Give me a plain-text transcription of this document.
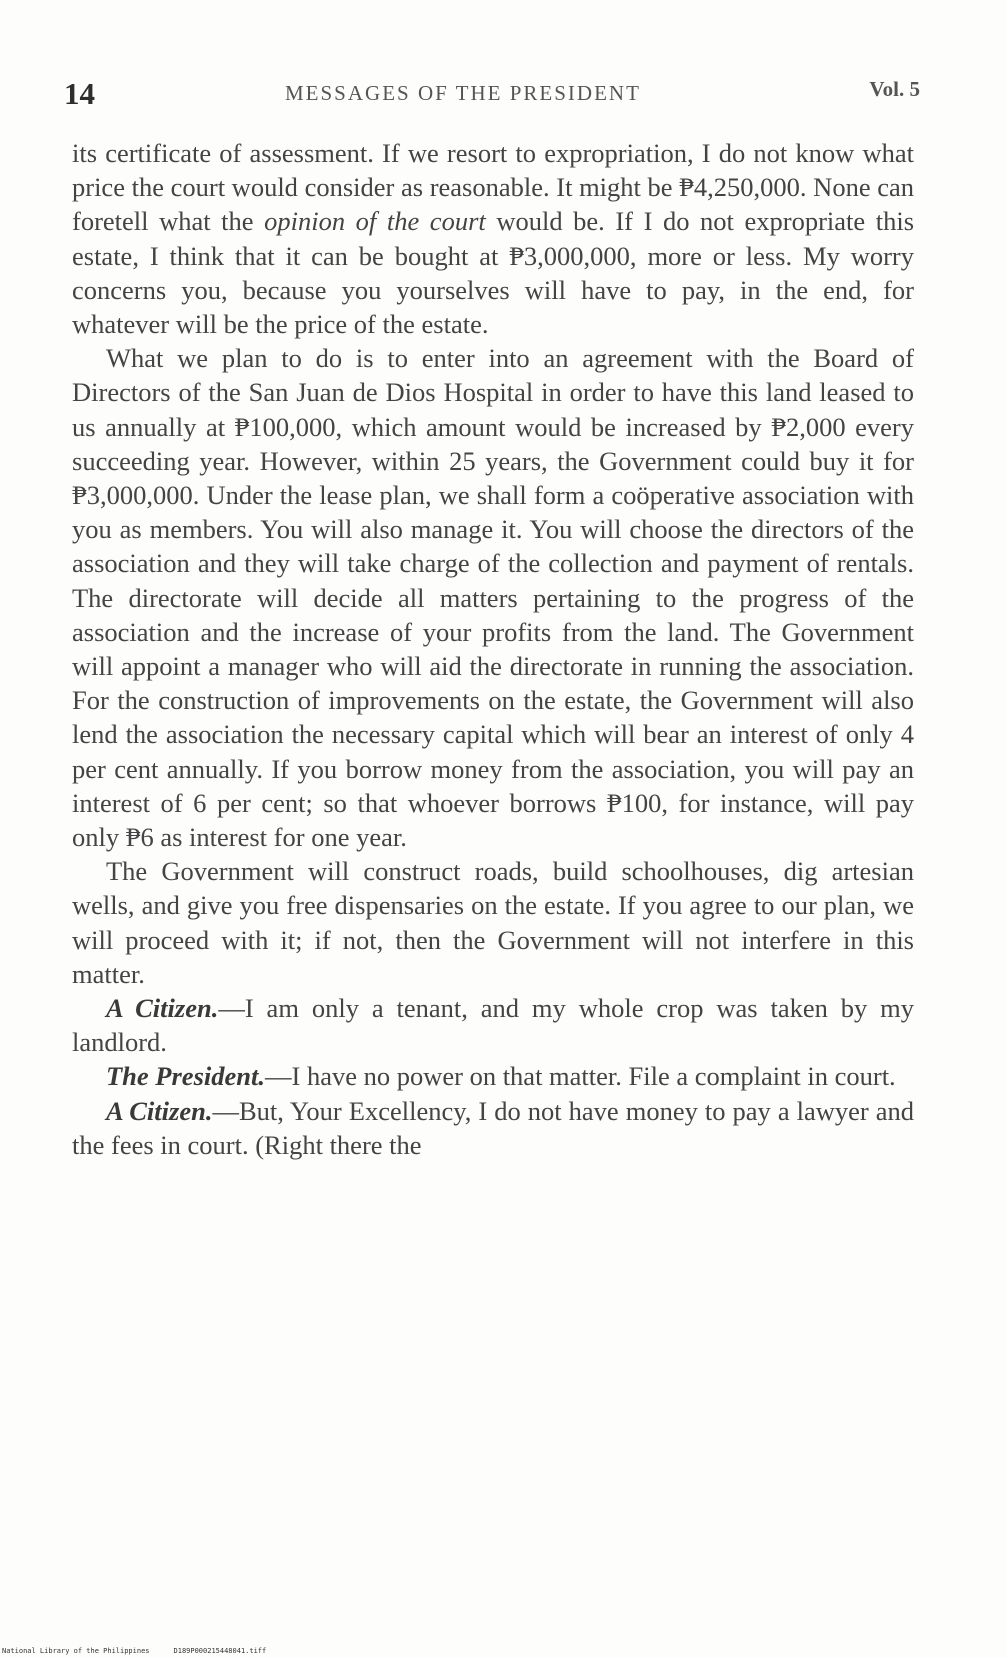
14	MESSAGES OF THE PRESIDENT	Vol. 5

its certificate of assessment. If we resort to expropriation, I do not know what price the court would consider as reasonable. It might be ₱4,250,000. None can foretell what the opinion of the court would be. If I do not expropriate this estate, I think that it can be bought at ₱3,000,000, more or less. My worry concerns you, because you yourselves will have to pay, in the end, for whatever will be the price of the estate.

What we plan to do is to enter into an agreement with the Board of Directors of the San Juan de Dios Hospital in order to have this land leased to us annually at ₱100,000, which amount would be increased by ₱2,000 every succeeding year. However, within 25 years, the Government could buy it for ₱3,000,000. Under the lease plan, we shall form a coöperative association with you as members. You will also manage it. You will choose the directors of the association and they will take charge of the collection and payment of rentals. The directorate will decide all matters pertaining to the progress of the association and the increase of your profits from the land. The Government will appoint a manager who will aid the directorate in running the association. For the construction of improvements on the estate, the Government will also lend the association the necessary capital which will bear an interest of only 4 per cent annually. If you borrow money from the association, you will pay an interest of 6 per cent; so that whoever borrows ₱100, for instance, will pay only ₱6 as interest for one year.

The Government will construct roads, build schoolhouses, dig artesian wells, and give you free dispensaries on the estate. If you agree to our plan, we will proceed with it; if not, then the Government will not interfere in this matter.

A Citizen.—I am only a tenant, and my whole crop was taken by my landlord.

The President.—I have no power on that matter. File a complaint in court.

A Citizen.—But, Your Excellency, I do not have money to pay a lawyer and the fees in court. (Right there the

National Library of the Philippines	D189P000215448041.tiff
